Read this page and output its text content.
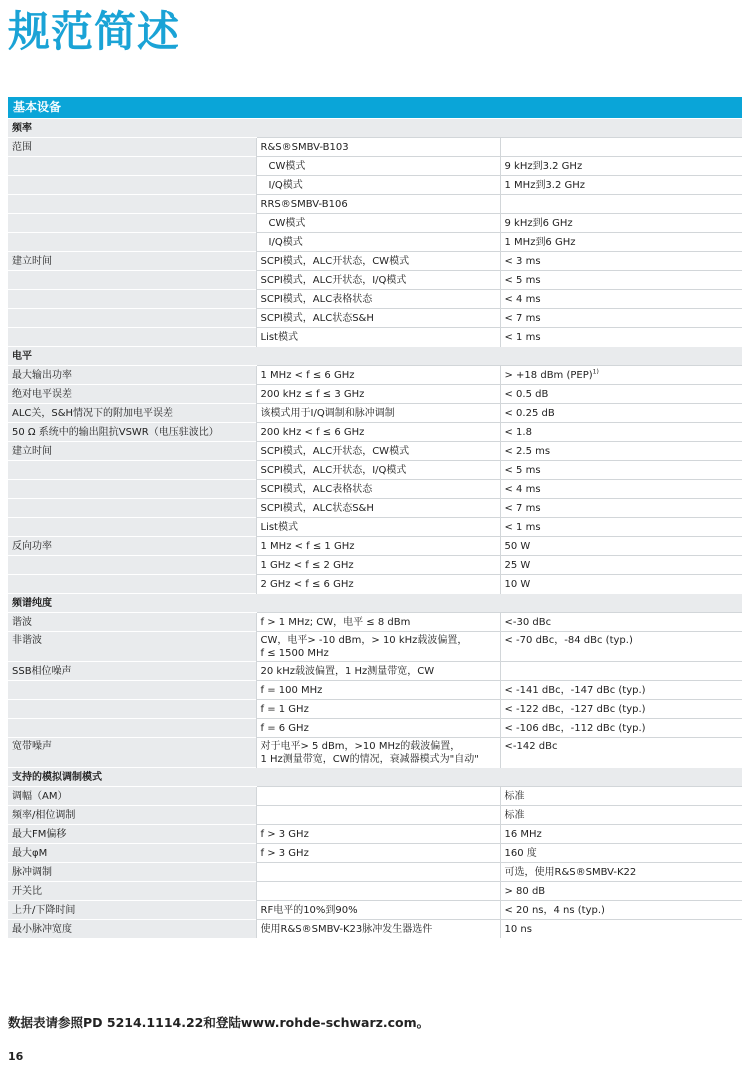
规范简述
基本设备		
频率		
范围	R&S®SMBV-B103	
	CW模式	9 kHz到3.2 GHz
	I/Q模式	1 MHz到3.2 GHz
	RRS®SMBV-B106	
	CW模式	9 kHz到6 GHz
	I/Q模式	1 MHz到6 GHz
建立时间	SCPI模式，ALC开状态，CW模式	< 3 ms
	SCPI模式，ALC开状态，I/Q模式	< 5 ms
	SCPI模式，ALC表格状态	< 4 ms
	SCPI模式，ALC状态S&H	< 7 ms
	List模式	< 1 ms
电平		
最大输出功率	1 MHz < f ≤ 6 GHz	> +18 dBm (PEP)$^{1)}$
绝对电平误差	200 kHz ≤ f ≤ 3 GHz	< 0.5 dB
ALC关，S&H情况下的附加电平误差	该模式用于I/Q调制和脉冲调制	< 0.25 dB
50 Ω 系统中的输出阻抗VSWR（电压驻波比）	200 kHz < f ≤ 6 GHz	< 1.8
建立时间	SCPI模式，ALC开状态，CW模式	< 2.5 ms
	SCPI模式，ALC开状态，I/Q模式	< 5 ms
	SCPI模式，ALC表格状态	< 4 ms
	SCPI模式，ALC状态S&H	< 7 ms
	List模式	< 1 ms
反向功率	1 MHz < f ≤ 1 GHz	50 W
	1 GHz < f ≤ 2 GHz	25 W
	2 GHz < f ≤ 6 GHz	10 W
频谱纯度		
谐波	f > 1 MHz; CW，电平 ≤ 8 dBm	<-30 dBc
非谐波	CW，电平> -10 dBm，> 10 kHz载波偏置，
f ≤ 1500 MHz	< -70 dBc，-84 dBc (typ.)
SSB相位噪声	20 kHz载波偏置，1 Hz测量带宽，CW	
	f = 100 MHz	< -141 dBc，-147 dBc (typ.)
	f = 1 GHz	< -122 dBc，-127 dBc (typ.)
	f = 6 GHz	< -106 dBc，-112 dBc (typ.)
宽带噪声	对于电平> 5 dBm，>10 MHz的载波偏置，
1 Hz测量带宽，CW的情况，衰减器模式为"自动"	<-142 dBc
支持的模拟调制模式		
调幅（AM）		标准
频率/相位调制		标准
最大FM偏移	f > 3 GHz	16 MHz
最大φM	f > 3 GHz	160 度
脉冲调制		可选，使用R&S®SMBV-K22
开关比		> 80 dB
上升/下降时间	RF电平的10%到90%	< 20 ns，4 ns (typ.)
最小脉冲宽度	使用R&S®SMBV-K23脉冲发生器选件	10 ns

数据表请参照PD 5214.1114.22和登陆www.rohde-schwarz.com。

16
